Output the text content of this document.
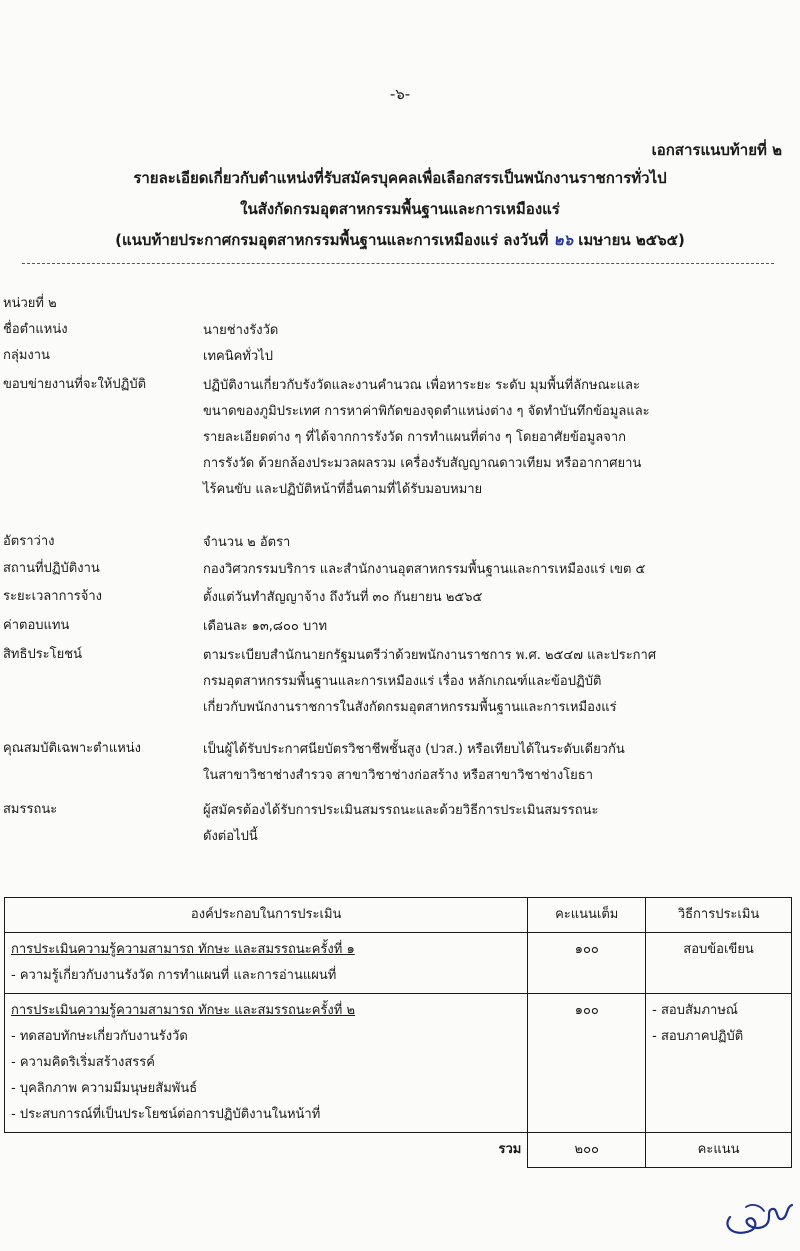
-๖-
เอกสารแนบท้ายที่ ๒
รายละเอียดเกี่ยวกับตำแหน่งที่รับสมัครบุคคลเพื่อเลือกสรรเป็นพนักงานราชการทั่วไป
ในสังกัดกรมอุตสาหกรรมพื้นฐานและการเหมืองแร่
(แนบท้ายประกาศกรมอุตสาหกรรมพื้นฐานและการเหมืองแร่ ลงวันที่ ๒๖ เมษายน ๒๕๖๕)
หน่วยที่ ๒
ชื่อตำแหน่ง	นายช่างรังวัด
กลุ่มงาน	เทคนิคทั่วไป
ขอบข่ายงานที่จะให้ปฏิบัติ	ปฏิบัติงานเกี่ยวกับรังวัดและงานคำนวณ เพื่อหาระยะ ระดับ มุมพื้นที่ลักษณะและ
ขนาดของภูมิประเทศ การหาค่าพิกัดของจุดตำแหน่งต่าง ๆ จัดทำบันทึกข้อมูลและ
รายละเอียดต่าง ๆ ที่ได้จากการรังวัด การทำแผนที่ต่าง ๆ โดยอาศัยข้อมูลจาก
การรังวัด ด้วยกล้องประมวลผลรวม เครื่องรับสัญญาณดาวเทียม หรืออากาศยาน
ไร้คนขับ และปฏิบัติหน้าที่อื่นตามที่ได้รับมอบหมาย
อัตราว่าง	จำนวน ๒ อัตรา
สถานที่ปฏิบัติงาน	กองวิศวกรรมบริการ และสำนักงานอุตสาหกรรมพื้นฐานและการเหมืองแร่ เขต ๕
ระยะเวลาการจ้าง	ตั้งแต่วันทำสัญญาจ้าง ถึงวันที่ ๓๐ กันยายน ๒๕๖๕
ค่าตอบแทน	เดือนละ ๑๓,๘๐๐ บาท
สิทธิประโยชน์	ตามระเบียบสำนักนายกรัฐมนตรีว่าด้วยพนักงานราชการ พ.ศ. ๒๕๔๗ และประกาศ
กรมอุตสาหกรรมพื้นฐานและการเหมืองแร่ เรื่อง หลักเกณฑ์และข้อปฏิบัติ
เกี่ยวกับพนักงานราชการในสังกัดกรมอุตสาหกรรมพื้นฐานและการเหมืองแร่
คุณสมบัติเฉพาะตำแหน่ง	เป็นผู้ได้รับประกาศนียบัตรวิชาชีพชั้นสูง (ปวส.) หรือเทียบได้ในระดับเดียวกัน
ในสาขาวิชาช่างสำรวจ สาขาวิชาช่างก่อสร้าง หรือสาขาวิชาช่างโยธา
สมรรถนะ	ผู้สมัครต้องได้รับการประเมินสมรรถนะและด้วยวิธีการประเมินสมรรถนะ
ดังต่อไปนี้
องค์ประกอบในการประเมิน	คะแนนเต็ม	วิธีการประเมิน

การประเมินความรู้ความสามารถ ทักษะ และสมรรถนะครั้งที่ ๑
- ความรู้เกี่ยวกับงานรังวัด การทำแผนที่ และการอ่านแผนที่	๑๐๐	สอบข้อเขียน

การประเมินความรู้ความสามารถ ทักษะ และสมรรถนะครั้งที่ ๒
- ทดสอบทักษะเกี่ยวกับงานรังวัด
- ความคิดริเริ่มสร้างสรรค์
- บุคลิกภาพ ความมีมนุษยสัมพันธ์
- ประสบการณ์ที่เป็นประโยชน์ต่อการปฏิบัติงานในหน้าที่	๑๐๐	- สอบสัมภาษณ์
- สอบภาคปฏิบัติ

รวม	๒๐๐	คะแนน
